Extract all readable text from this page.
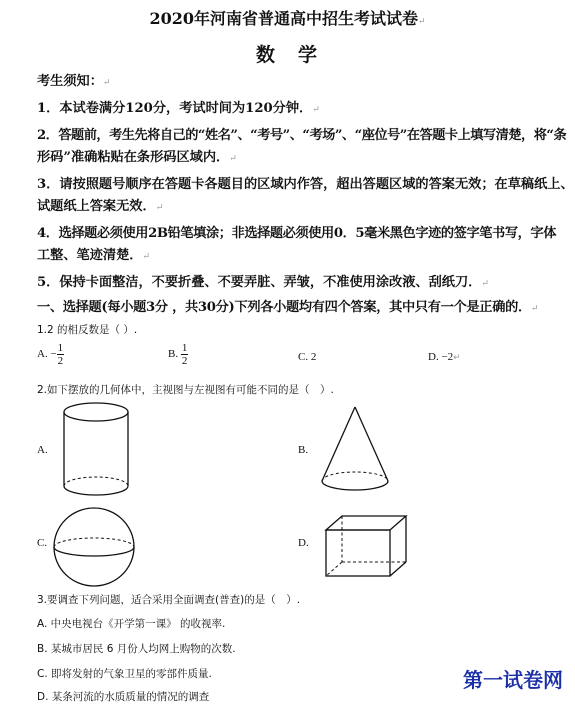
2020年河南省普通高中招生考试试卷↵
数　学
考生须知：↵
1．本试卷满分120分，考试时间为120分钟．↵
2．答题前，考生先将自己的“姓名”、“考号”、“考场”、“座位号”在答题卡上填写清楚，将“条
形码”准确粘贴在条形码区域内．↵
3．请按照题号顺序在答题卡各题目的区域内作答，超出答题区域的答案无效；在草稿纸上、
试题纸上答案无效．↵
4．选择题必须使用2B铅笔填涂；非选择题必须使用0．5毫米黑色字迹的签字笔书写，字体
工整、笔迹清楚．↵
5．保持卡面整洁，不要折叠、不要弄脏、弄皱，不准使用涂改液、刮纸刀．↵
一、选择题(每小题3分 ，共30分)下列各小题均有四个答案，其中只有一个是正确的．↵
1.2 的相反数是（ ）.
A. − $\frac{1}{2}$	B. $\frac{1}{2}$	C. 2	D. −2↵
2.如下摆放的几何体中，主视图与左视图有可能不同的是（　）.
A.	B.
C.	D.
3.要调查下列问题，适合采用全面调查(普查)的是（　）.
A. 中央电视台《开学第一课》 的收视率.
B. 某城市居民 6 月份人均网上购物的次数.
C. 即将发射的气象卫星的零部件质量.
D. 某条河流的水质质量的情况的调查
第一试卷网
